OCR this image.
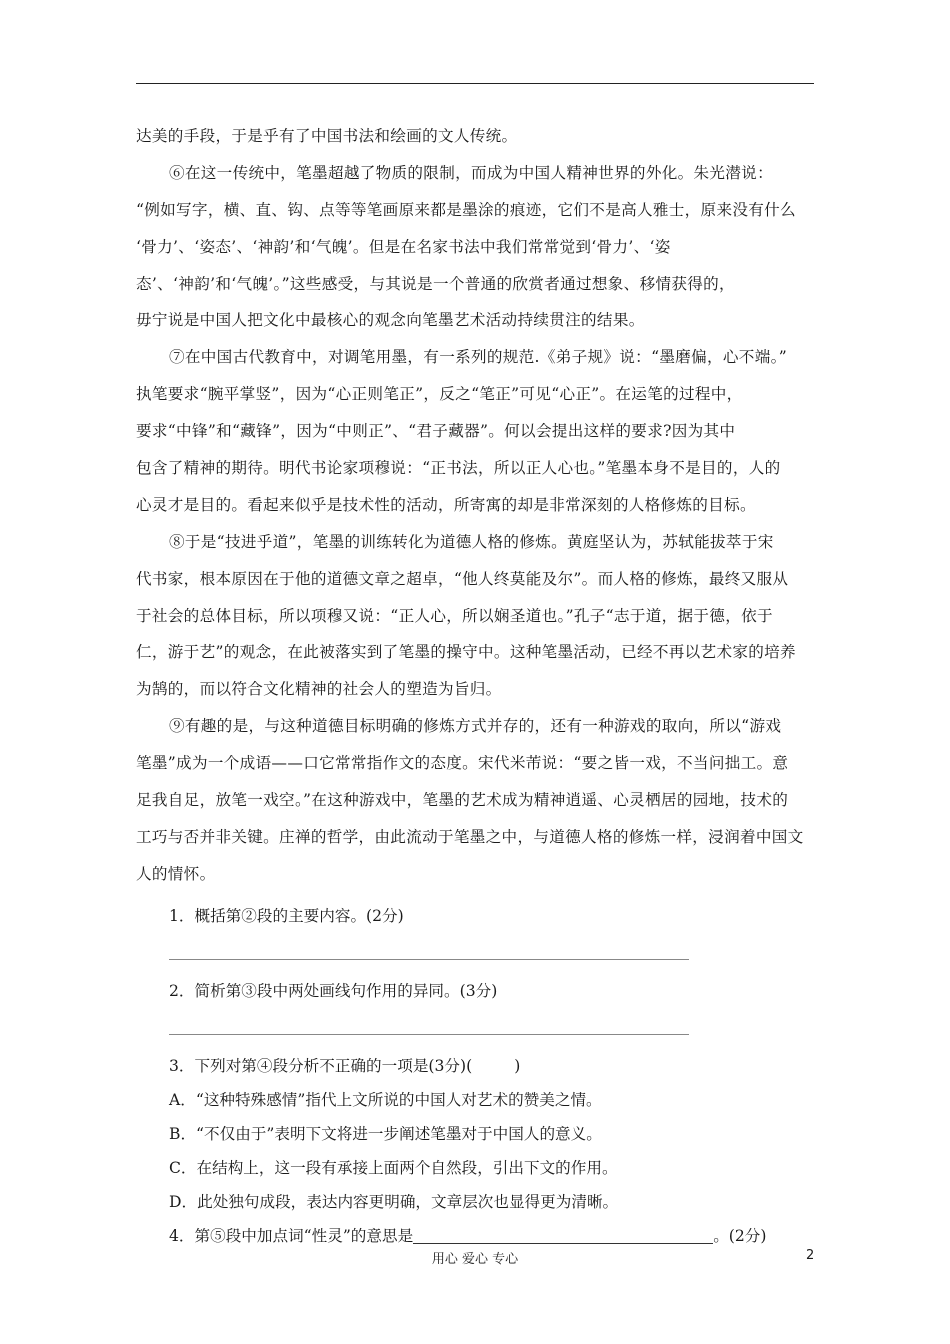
达美的手段，于是乎有了中国书法和绘画的文人传统。
⑥在这一传统中，笔墨超越了物质的限制，而成为中国人精神世界的外化。朱光潜说：
“例如写字，横、直、钩、点等等笔画原来都是墨涂的痕迹，它们不是高人雅士，原来没有什么
‘骨力’、‘姿态’、‘神韵’和‘气魄’。但是在名家书法中我们常常觉到‘骨力’、‘姿
态’、‘神韵’和‘气魄’。”这些感受，与其说是一个普通的欣赏者通过想象、移情获得的，
毋宁说是中国人把文化中最核心的观念向笔墨艺术活动持续贯注的结果。
⑦在中国古代教育中，对调笔用墨，有一系列的规范.《弟子规》说：“墨磨偏，心不端。”
执笔要求“腕平掌竖”，因为“心正则笔正”，反之“笔正”可见“心正”。在运笔的过程中，
要求“中锋”和“藏锋”，因为“中则正”、“君子藏器”。何以会提出这样的要求?因为其中
包含了精神的期待。明代书论家项穆说：“正书法，所以正人心也。”笔墨本身不是目的，人的
心灵才是目的。看起来似乎是技术性的活动，所寄寓的却是非常深刻的人格修炼的目标。
⑧于是“技进乎道”，笔墨的训练转化为道德人格的修炼。黄庭坚认为，苏轼能拔萃于宋
代书家，根本原因在于他的道德文章之超卓，“他人终莫能及尔”。而人格的修炼，最终又服从
于社会的总体目标，所以项穆又说：“正人心，所以娴圣道也。”孔子“志于道，据于德，依于
仁，游于艺”的观念，在此被落实到了笔墨的操守中。这种笔墨活动，已经不再以艺术家的培养
为鹄的，而以符合文化精神的社会人的塑造为旨归。
⑨有趣的是，与这种道德目标明确的修炼方式并存的，还有一种游戏的取向，所以“游戏
笔墨”成为一个成语——口它常常指作文的态度。宋代米芾说：“要之皆一戏，不当问拙工。意
足我自足，放笔一戏空。”在这种游戏中，笔墨的艺术成为精神逍遥、心灵栖居的园地，技术的
工巧与否并非关键。庄禅的哲学，由此流动于笔墨之中，与道德人格的修炼一样，浸润着中国文
人的情怀。
1．概括第②段的主要内容。(2分)
2．简析第③段中两处画线句作用的异同。(3分)
3．下列对第④段分析不正确的一项是(3分)(	)
A．“这种特殊感情”指代上文所说的中国人对艺术的赞美之情。
B．“不仅由于”表明下文将进一步阐述笔墨对于中国人的意义。
C．在结构上，这一段有承接上面两个自然段，引出下文的作用。
D．此处独句成段，表达内容更明确，文章层次也显得更为清晰。
4．第⑤段中加点词“性灵”的意思是	。(2分)
用心 爱心 专心	2
